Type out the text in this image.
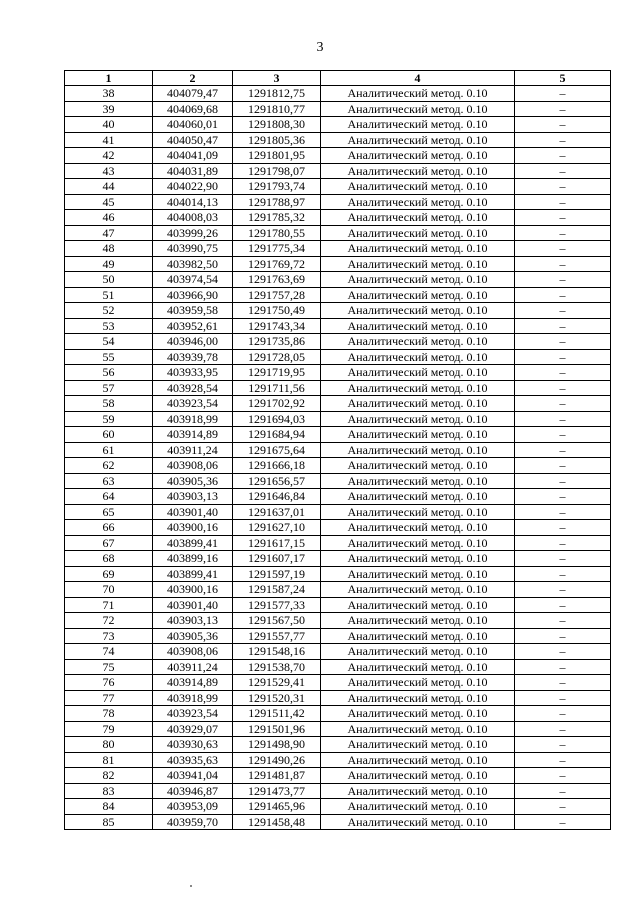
3
1	2	3	4	5
38	404079,47	1291812,75	Аналитический метод. 0.10	–
39	404069,68	1291810,77	Аналитический метод. 0.10	–
40	404060,01	1291808,30	Аналитический метод. 0.10	–
41	404050,47	1291805,36	Аналитический метод. 0.10	–
42	404041,09	1291801,95	Аналитический метод. 0.10	–
43	404031,89	1291798,07	Аналитический метод. 0.10	–
44	404022,90	1291793,74	Аналитический метод. 0.10	–
45	404014,13	1291788,97	Аналитический метод. 0.10	–
46	404008,03	1291785,32	Аналитический метод. 0.10	–
47	403999,26	1291780,55	Аналитический метод. 0.10	–
48	403990,75	1291775,34	Аналитический метод. 0.10	–
49	403982,50	1291769,72	Аналитический метод. 0.10	–
50	403974,54	1291763,69	Аналитический метод. 0.10	–
51	403966,90	1291757,28	Аналитический метод. 0.10	–
52	403959,58	1291750,49	Аналитический метод. 0.10	–
53	403952,61	1291743,34	Аналитический метод. 0.10	–
54	403946,00	1291735,86	Аналитический метод. 0.10	–
55	403939,78	1291728,05	Аналитический метод. 0.10	–
56	403933,95	1291719,95	Аналитический метод. 0.10	–
57	403928,54	1291711,56	Аналитический метод. 0.10	–
58	403923,54	1291702,92	Аналитический метод. 0.10	–
59	403918,99	1291694,03	Аналитический метод. 0.10	–
60	403914,89	1291684,94	Аналитический метод. 0.10	–
61	403911,24	1291675,64	Аналитический метод. 0.10	–
62	403908,06	1291666,18	Аналитический метод. 0.10	–
63	403905,36	1291656,57	Аналитический метод. 0.10	–
64	403903,13	1291646,84	Аналитический метод. 0.10	–
65	403901,40	1291637,01	Аналитический метод. 0.10	–
66	403900,16	1291627,10	Аналитический метод. 0.10	–
67	403899,41	1291617,15	Аналитический метод. 0.10	–
68	403899,16	1291607,17	Аналитический метод. 0.10	–
69	403899,41	1291597,19	Аналитический метод. 0.10	–
70	403900,16	1291587,24	Аналитический метод. 0.10	–
71	403901,40	1291577,33	Аналитический метод. 0.10	–
72	403903,13	1291567,50	Аналитический метод. 0.10	–
73	403905,36	1291557,77	Аналитический метод. 0.10	–
74	403908,06	1291548,16	Аналитический метод. 0.10	–
75	403911,24	1291538,70	Аналитический метод. 0.10	–
76	403914,89	1291529,41	Аналитический метод. 0.10	–
77	403918,99	1291520,31	Аналитический метод. 0.10	–
78	403923,54	1291511,42	Аналитический метод. 0.10	–
79	403929,07	1291501,96	Аналитический метод. 0.10	–
80	403930,63	1291498,90	Аналитический метод. 0.10	–
81	403935,63	1291490,26	Аналитический метод. 0.10	–
82	403941,04	1291481,87	Аналитический метод. 0.10	–
83	403946,87	1291473,77	Аналитический метод. 0.10	–
84	403953,09	1291465,96	Аналитический метод. 0.10	–
85	403959,70	1291458,48	Аналитический метод. 0.10	–
